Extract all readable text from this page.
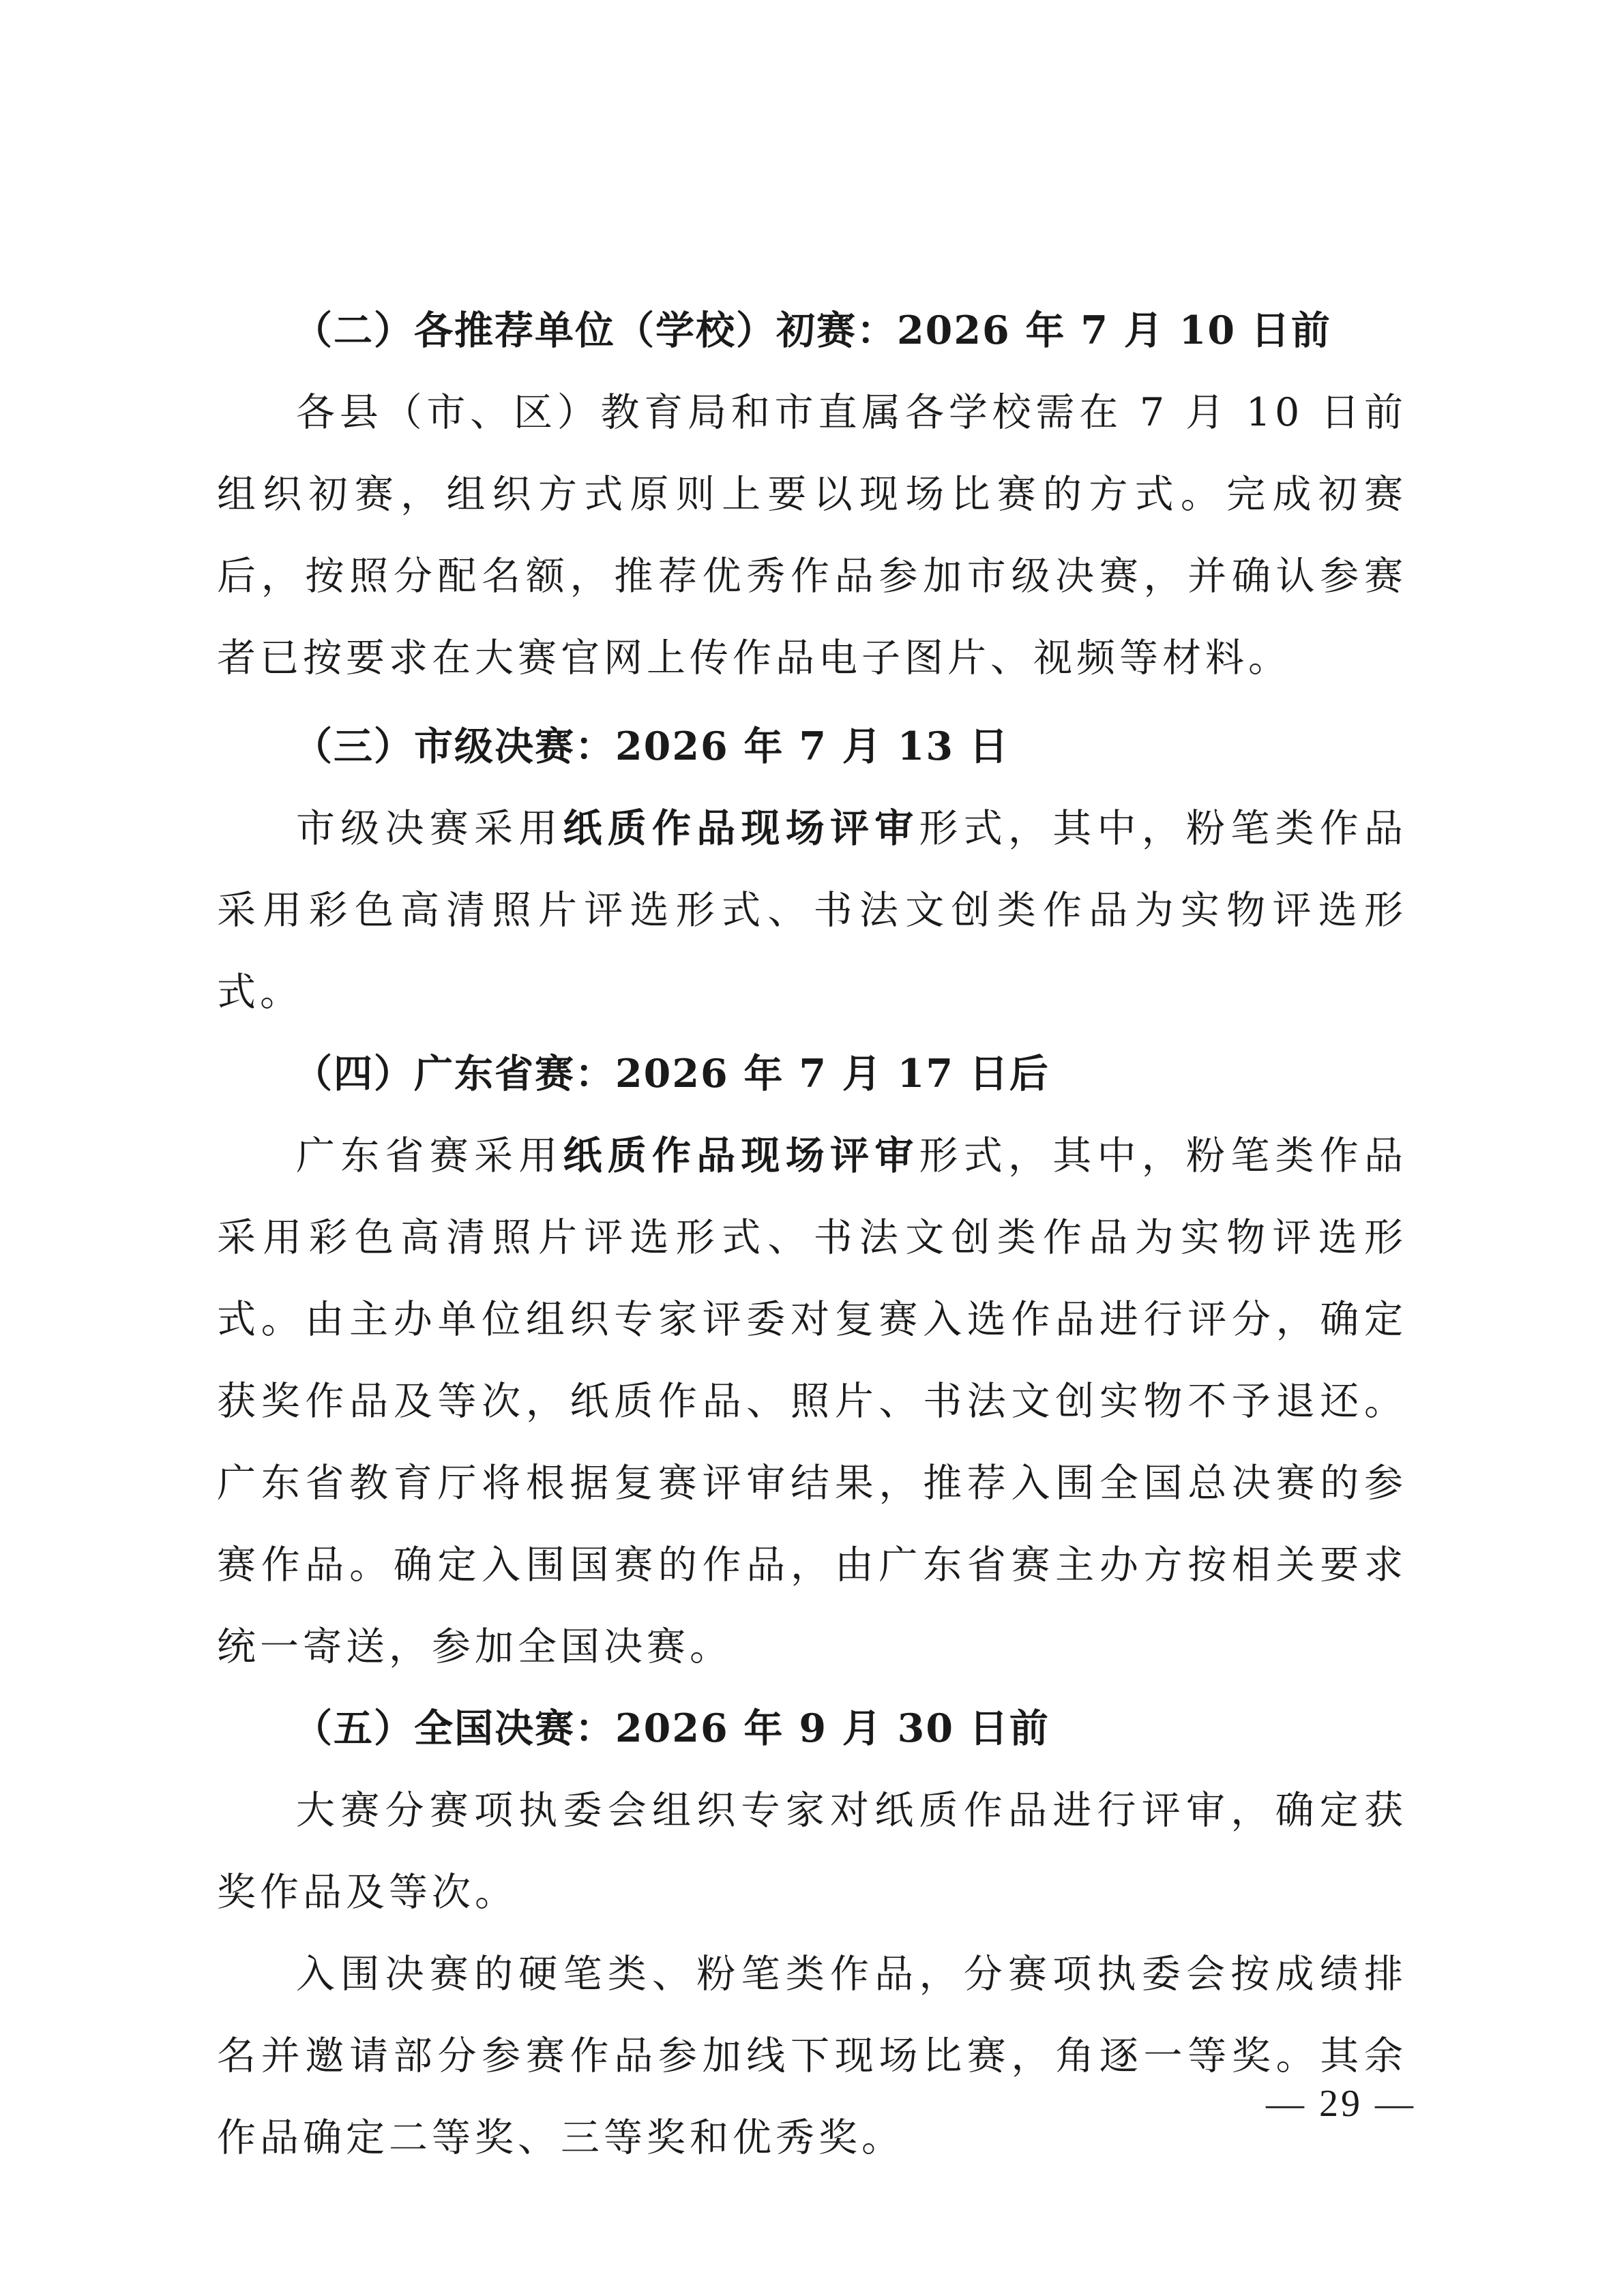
（二）各推荐单位（学校）初赛：2026 年 7 月 10 日前

各县（市、区）教育局和市直属各学校需在 7 月 10 日前组织初赛，组织方式原则上要以现场比赛的方式。完成初赛后，按照分配名额，推荐优秀作品参加市级决赛，并确认参赛者已按要求在大赛官网上传作品电子图片、视频等材料。

（三）市级决赛：2026 年 7 月 13 日

市级决赛采用纸质作品现场评审形式，其中，粉笔类作品采用彩色高清照片评选形式、书法文创类作品为实物评选形式。

（四）广东省赛：2026 年 7 月 17 日后

广东省赛采用纸质作品现场评审形式，其中，粉笔类作品采用彩色高清照片评选形式、书法文创类作品为实物评选形式。由主办单位组织专家评委对复赛入选作品进行评分，确定获奖作品及等次，纸质作品、照片、书法文创实物不予退还。广东省教育厅将根据复赛评审结果，推荐入围全国总决赛的参赛作品。确定入围国赛的作品，由广东省赛主办方按相关要求统一寄送，参加全国决赛。

（五）全国决赛：2026 年 9 月 30 日前

大赛分赛项执委会组织专家对纸质作品进行评审，确定获奖作品及等次。

入围决赛的硬笔类、粉笔类作品，分赛项执委会按成绩排名并邀请部分参赛作品参加线下现场比赛，角逐一等奖。其余作品确定二等奖、三等奖和优秀奖。

— 29 —
